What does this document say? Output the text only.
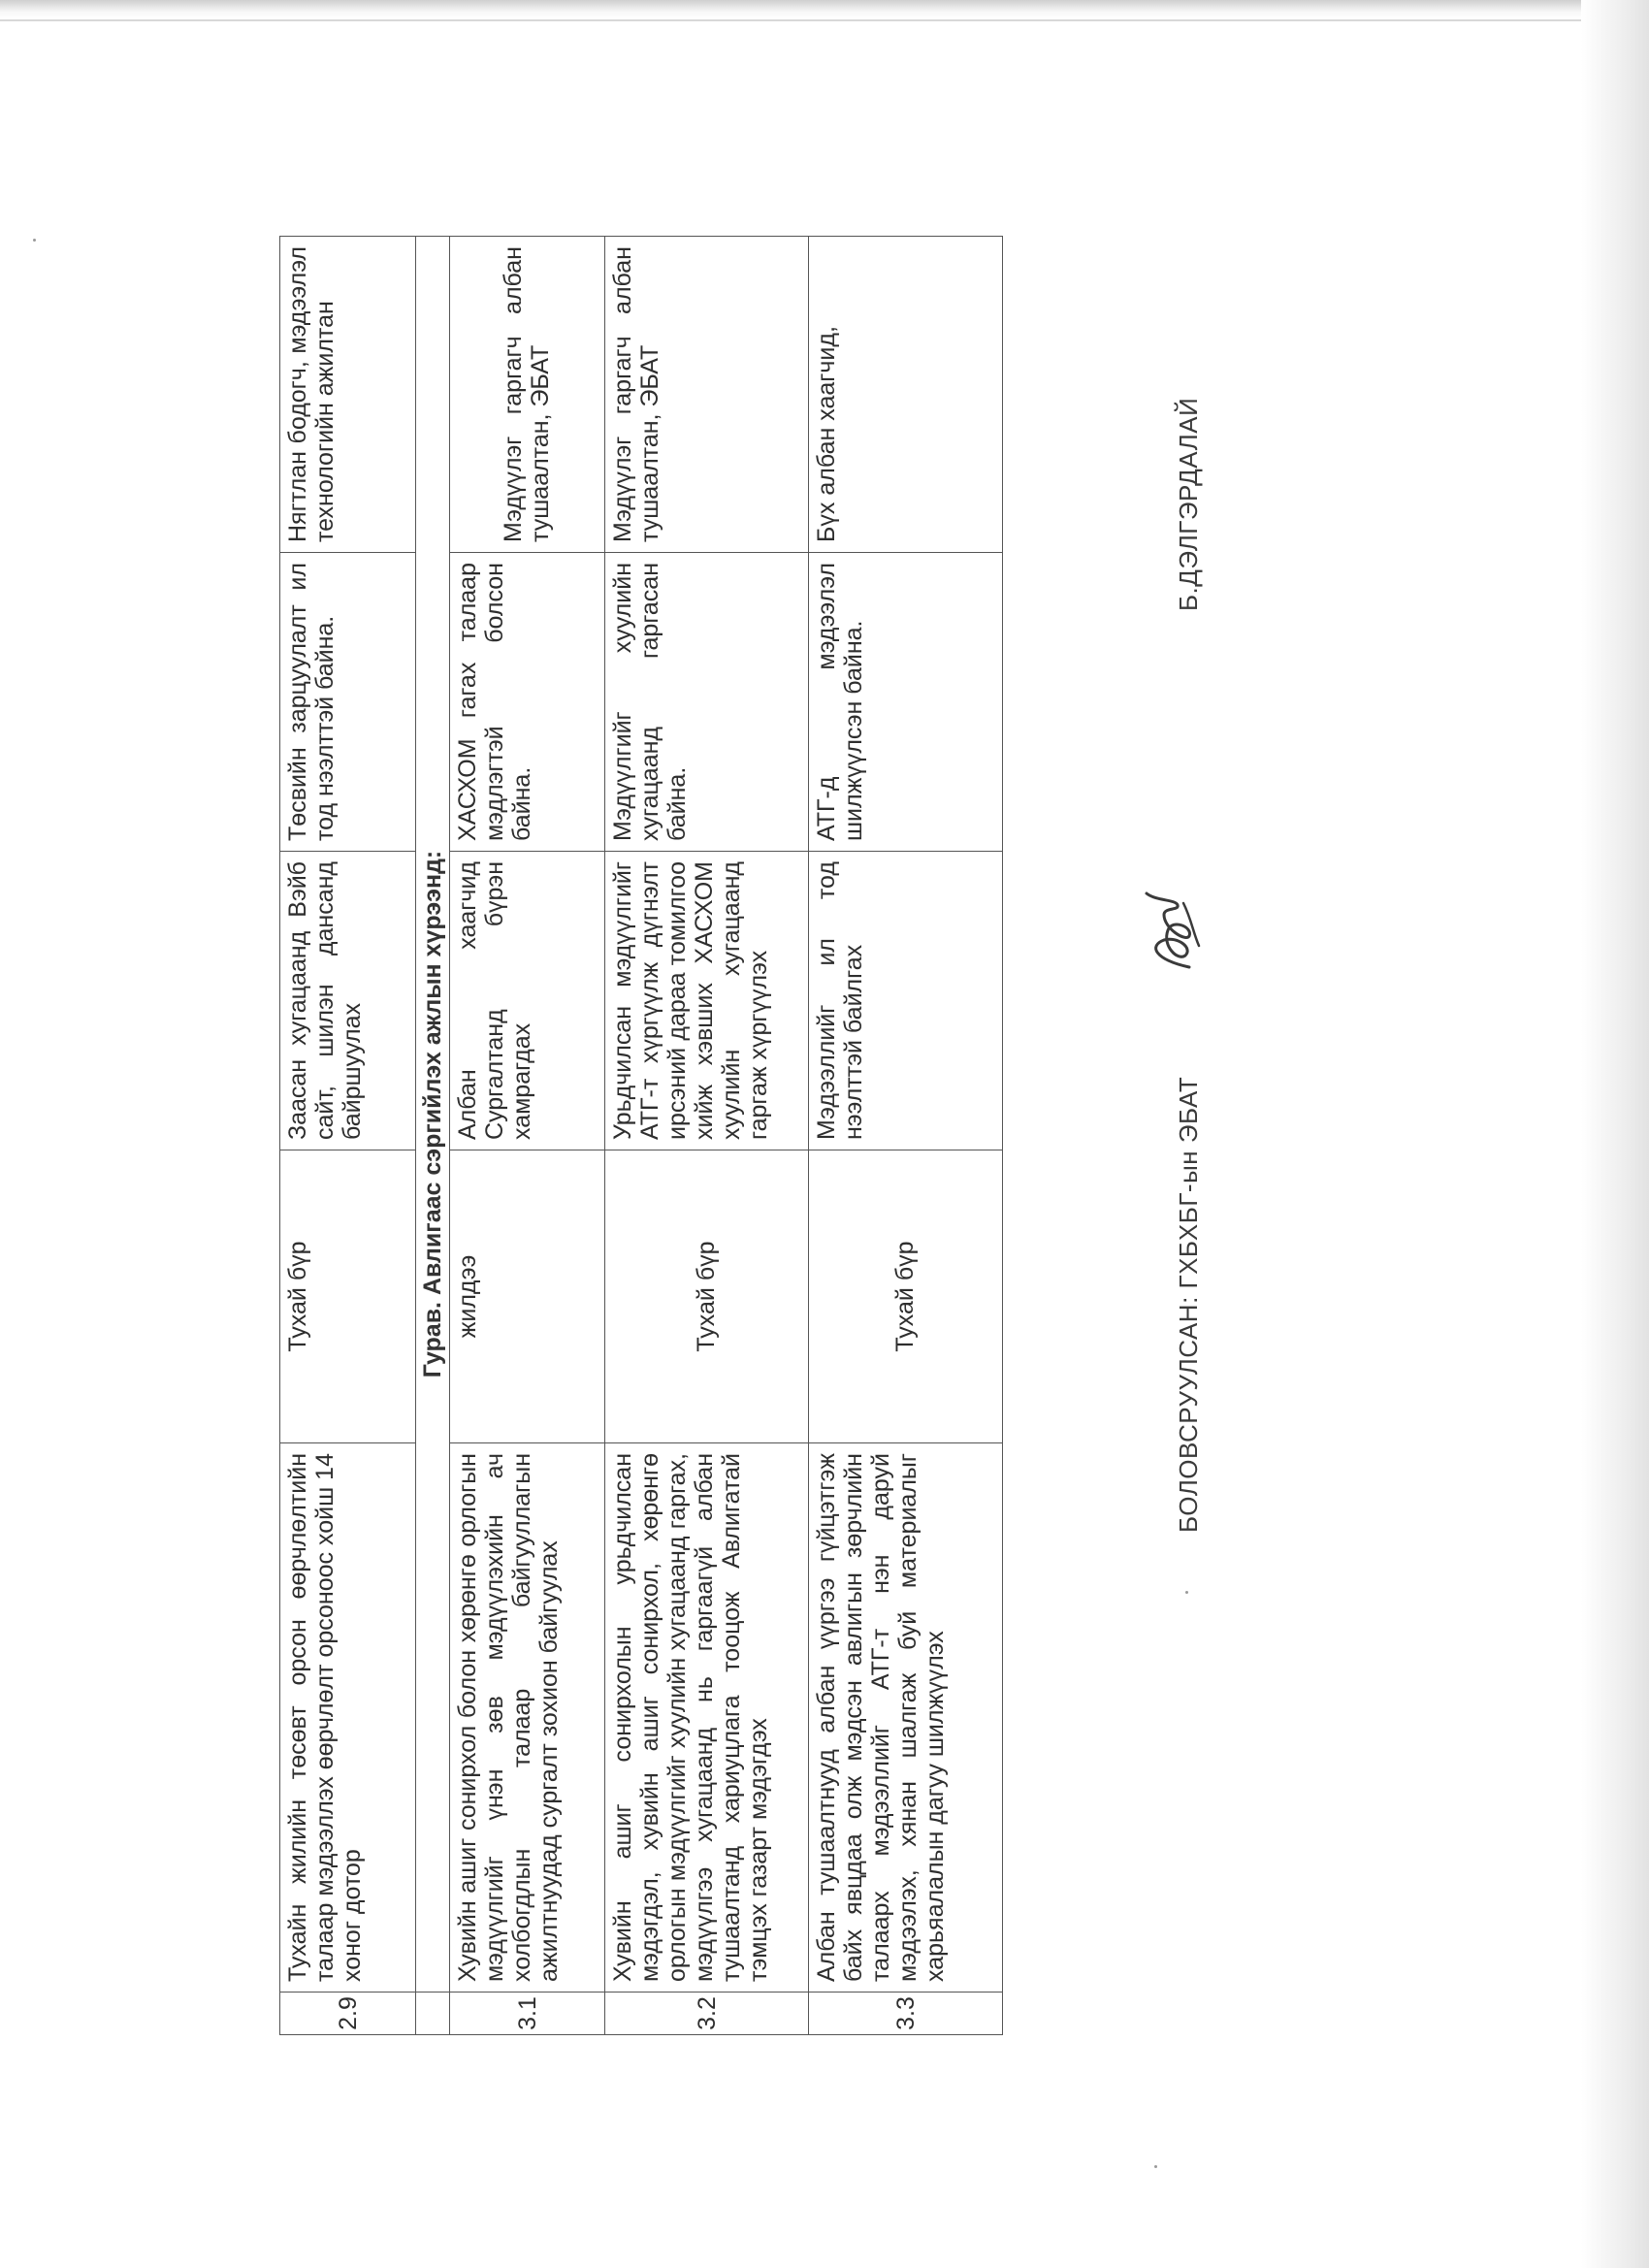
2.9	Тухайн жилийн төсөвт орсон өөрчлөлтийн талаар мэдээллэх өөрчлөлт орсоноос хойш 14 хоног дотор	Тухай бүр	Заасан хугацаанд Вэйб сайт, шилэн дансанд байршуулах	Төсвийн зарцуулалт ил тод нээлттэй байна.	Нягтлан бодогч, мэдээлэл технологийн ажилтан
	Гурав. Авлигаас сэргийлэх ажлын хүрээнд:				
3.1	Хувийн ашиг сонирхол болон хөрөнгө орлогын мэдүүлгийг үнэн зөв мэдүүлэхийн ач холбогдлын талаар байгууллагын ажилтнуудад сургалт зохион байгуулах	жилдээ	Албан хаагчид Сургалтанд бүрэн хамрагдах	ХАСХОМ гагах талаар мэдлэгтэй болсон байна.	Мэдүүлэг гаргагч албан тушаалтан, ЭБАТ
3.2	Хувийн ашиг сонирхолын урьдчилсан мэдэгдэл, хувийн ашиг сонирхол, хөрөнгө орлогын мэдүүлгийг хуулийн хугацаанд гаргах, мэдүүлгээ хугацаанд нь гаргаагүй албан тушаалтанд хариуцлага тооцож Авлигатай тэмцэх газарт мэдэгдэх	Тухай бүр	Урьдчилсан мэдүүлгийг АТГ-т хүргүүлж дүгнэлт ирсэний дараа томилгоо хийж хэвших ХАСХОМ хуулийн хугацаанд гаргаж хүргүүлэх	Мэдүүлгийг хуулийн хугацаанд гаргасан байна.	Мэдүүлэг гаргагч албан тушаалтан, ЭБАТ
3.3	Албан тушаалтнууд албан үүргээ гүйцэтгэж байх явцдаа олж мэдсэн авлигын зөрчлийн талаарх мэдээллийг АТГ-т нэн даруй мэдээлэх, хянан шалгаж буй материалыг харьяалалын дагуу шилжүүлэх	Тухай бүр	Мэдээллийг ил тод нээлттэй байлгах	АТГ-д мэдээлэл шилжүүлсэн байна.	Бүх албан хаагчид,
БОЛОВСРУУЛСАН: ГХБХБГ-ын ЭБАТ
Б.ДЭЛГЭРДАЛАЙ
